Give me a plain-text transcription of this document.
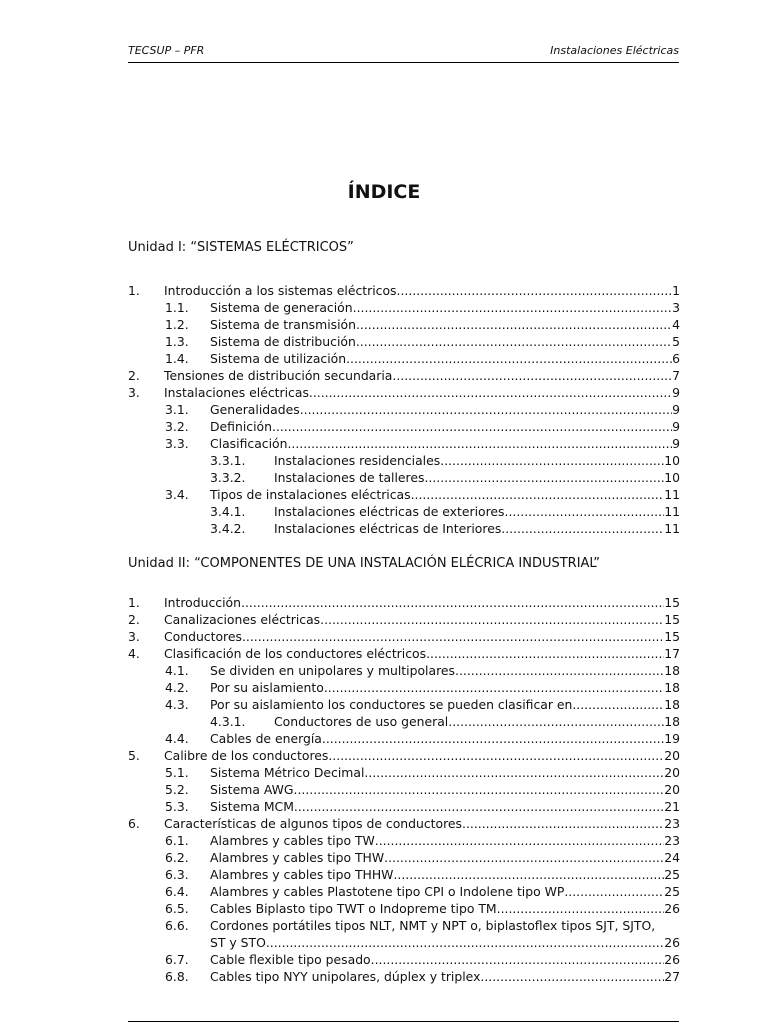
TECSUP – PFR	Instalaciones Eléctricas
ÍNDICE
Unidad I: “SISTEMAS ELÉCTRICOS”
1. Introducción a los sistemas eléctricos .....	1
1.1. Sistema de generación .....	3
1.2. Sistema de transmisión .....	4
1.3. Sistema de distribución .....	5
1.4. Sistema de utilización .....	6
2. Tensiones de distribución secundaria .....	7
3. Instalaciones eléctricas .....	9
3.1. Generalidades .....	9
3.2. Definición .....	9
3.3. Clasificación .....	9
3.3.1. Instalaciones residenciales .....	10
3.3.2. Instalaciones de talleres .....	10
3.4. Tipos de instalaciones eléctricas .....	11
3.4.1. Instalaciones eléctricas de exteriores .....	11
3.4.2. Instalaciones eléctricas de Interiores .....	11
Unidad II: “COMPONENTES DE UNA INSTALACIÓN ELÉCRICA INDUSTRIAL”
1. Introducción .....	15
2. Canalizaciones eléctricas .....	15
3. Conductores .....	15
4. Clasificación de los conductores eléctricos .....	17
4.1. Se dividen en unipolares y multipolares .....	18
4.2. Por su aislamiento .....	18
4.3. Por su aislamiento los conductores se pueden clasificar en .....	18
4.3.1. Conductores de uso general .....	18
4.4. Cables de energía .....	19
5. Calibre de los conductores .....	20
5.1. Sistema Métrico Decimal .....	20
5.2. Sistema AWG .....	20
5.3. Sistema MCM .....	21
6. Características de algunos tipos de conductores .....	23
6.1. Alambres y cables tipo TW .....	23
6.2. Alambres y cables tipo THW .....	24
6.3. Alambres y cables tipo THHW .....	25
6.4. Alambres y cables Plastotene tipo CPI o Indolene tipo WP .....	25
6.5. Cables Biplasto tipo TWT o Indopreme tipo TM .....	26
6.6. Cordones portátiles tipos NLT, NMT y NPT o, biplastoflex tipos SJT, SJTO,
ST y STO .....	26
6.7. Cable flexible tipo pesado .....	26
6.8. Cables tipo NYY unipolares, dúplex y triplex .....	27
